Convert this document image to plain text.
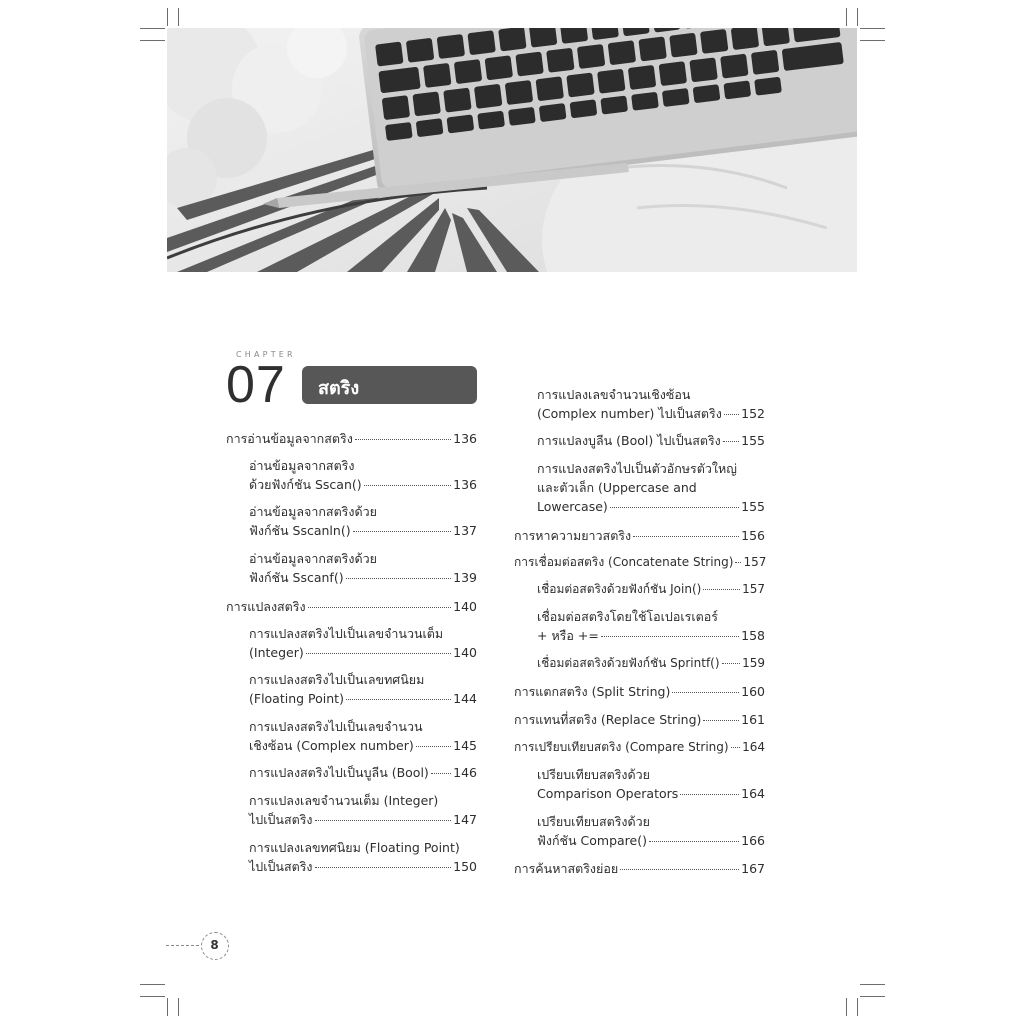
CHAPTER
07 สตริง
การอ่านข้อมูลจากสตริง	136
อ่านข้อมูลจากสตริง
ด้วยฟังก์ชัน Sscan()	136
อ่านข้อมูลจากสตริงด้วย
ฟังก์ชัน Sscanln()	137
อ่านข้อมูลจากสตริงด้วย
ฟังก์ชัน Sscanf()	139
การแปลงสตริง	140
การแปลงสตริงไปเป็นเลขจำนวนเต็ม
(Integer)	140
การแปลงสตริงไปเป็นเลขทศนิยม
(Floating Point)	144
การแปลงสตริงไปเป็นเลขจำนวน
เชิงซ้อน (Complex number)	145
การแปลงสตริงไปเป็นบูลีน (Bool) 146
การแปลงเลขจำนวนเต็ม (Integer)
ไปเป็นสตริง	147
การแปลงเลขทศนิยม (Floating Point)
ไปเป็นสตริง	150
การแปลงเลขจำนวนเชิงซ้อน
(Complex number) ไปเป็นสตริง 152
การแปลงบูลีน (Bool) ไปเป็นสตริง 155
การแปลงสตริงไปเป็นตัวอักษรตัวใหญ่
และตัวเล็ก (Uppercase and
Lowercase)	155
การหาความยาวสตริง	156
การเชื่อมต่อสตริง (Concatenate String) 157
เชื่อมต่อสตริงด้วยฟังก์ชัน Join()	157
เชื่อมต่อสตริงโดยใช้โอเปอเรเตอร์
+ หรือ +=	158
เชื่อมต่อสตริงด้วยฟังก์ชัน Sprintf() 159
การแตกสตริง (Split String)	160
การแทนที่สตริง (Replace String)	161
การเปรียบเทียบสตริง (Compare String) 164
เปรียบเทียบสตริงด้วย
Comparison Operators	164
เปรียบเทียบสตริงด้วย
ฟังก์ชัน Compare()	166
การค้นหาสตริงย่อย	167
8
